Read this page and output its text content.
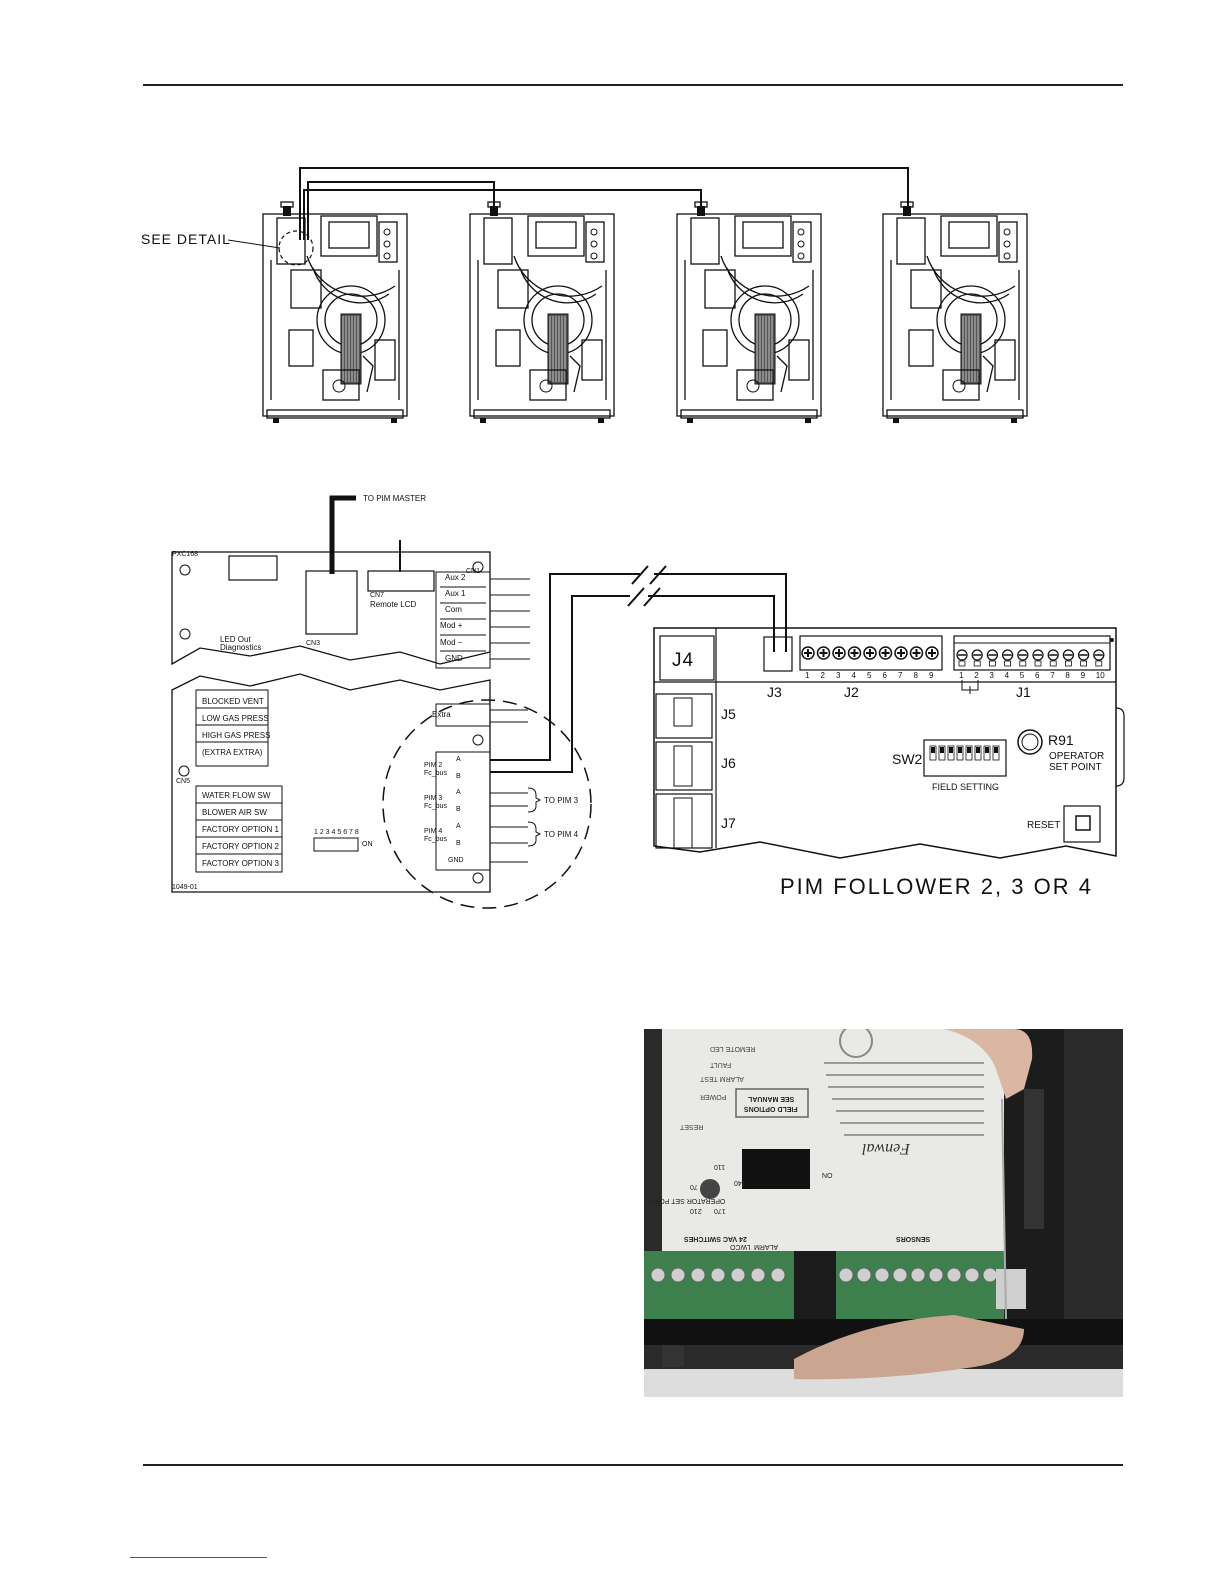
SEE DETAIL
TO PIM MASTER
PXC168
CN7
Remote LCD
CN3
CN1
LED Out
Diagnostics
Aux 2
Aux 1
Com
Mod +
Mod −
GND
BLOCKED VENT
LOW GAS PRESS
HIGH GAS PRESS
(EXTRA EXTRA)
CN5
WATER FLOW SW
BLOWER AIR SW
FACTORY OPTION 1
FACTORY OPTION 2
FACTORY OPTION 3
1 2 3 4 5 6 7 8
ON
1049-01
Extra
PIM 2
Fc_bus
PIM 3
Fc_bus
PIM 4
Fc_bus
A
B
A
B
A
B
GND
TO PIM 3
TO PIM 4
J4
J3	J2	J1
J5
J6
J7
R91
OPERATOR
SET POINT
SW2
FIELD SETTING
RESET
PIM FOLLOWER 2, 3 OR 4
1 2 3 4 5 6 7 8 9	1 2 3 4 5 6 7 8 9 10
Fenwal
SENSORS
24 VAC SWITCHES
FIELD OPTIONS
SEE MANUAL
ALARM
LWCO
OPERATOR SET POINT
RESET
POWER
ALARM TEST
FAULT
REMOTE LED
ON
70
110
140
170
210
